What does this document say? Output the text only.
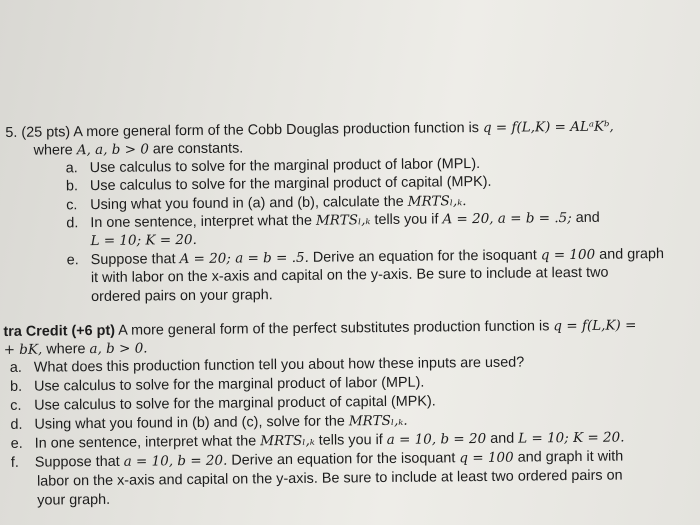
5. (25 pts) A more general form of the Cobb Douglas production function is q = f(L,K) = ALᵃKᵇ,
where A, a, b > 0 are constants.
a. Use calculus to solve for the marginal product of labor (MPL).
b. Use calculus to solve for the marginal product of capital (MPK).
c. Using what you found in (a) and (b), calculate the MRTSₗ,ₖ.
d. In one sentence, interpret what the MRTSₗ,ₖ tells you if A = 20, a = b = .5; and
L = 10; K = 20.
e. Suppose that A = 20; a = b = .5. Derive an equation for the isoquant q = 100 and graph
it with labor on the x-axis and capital on the y-axis. Be sure to include at least two
ordered pairs on your graph.
tra Credit (+6 pt) A more general form of the perfect substitutes production function is q = f(L,K) =
+ bK, where a, b > 0.
a. What does this production function tell you about how these inputs are used?
b. Use calculus to solve for the marginal product of labor (MPL).
c. Use calculus to solve for the marginal product of capital (MPK).
d. Using what you found in (b) and (c), solve for the MRTSₗ,ₖ.
e. In one sentence, interpret what the MRTSₗ,ₖ tells you if a = 10, b = 20 and L = 10; K = 20.
f. Suppose that a = 10, b = 20. Derive an equation for the isoquant q = 100 and graph it with
labor on the x-axis and capital on the y-axis. Be sure to include at least two ordered pairs on
your graph.
